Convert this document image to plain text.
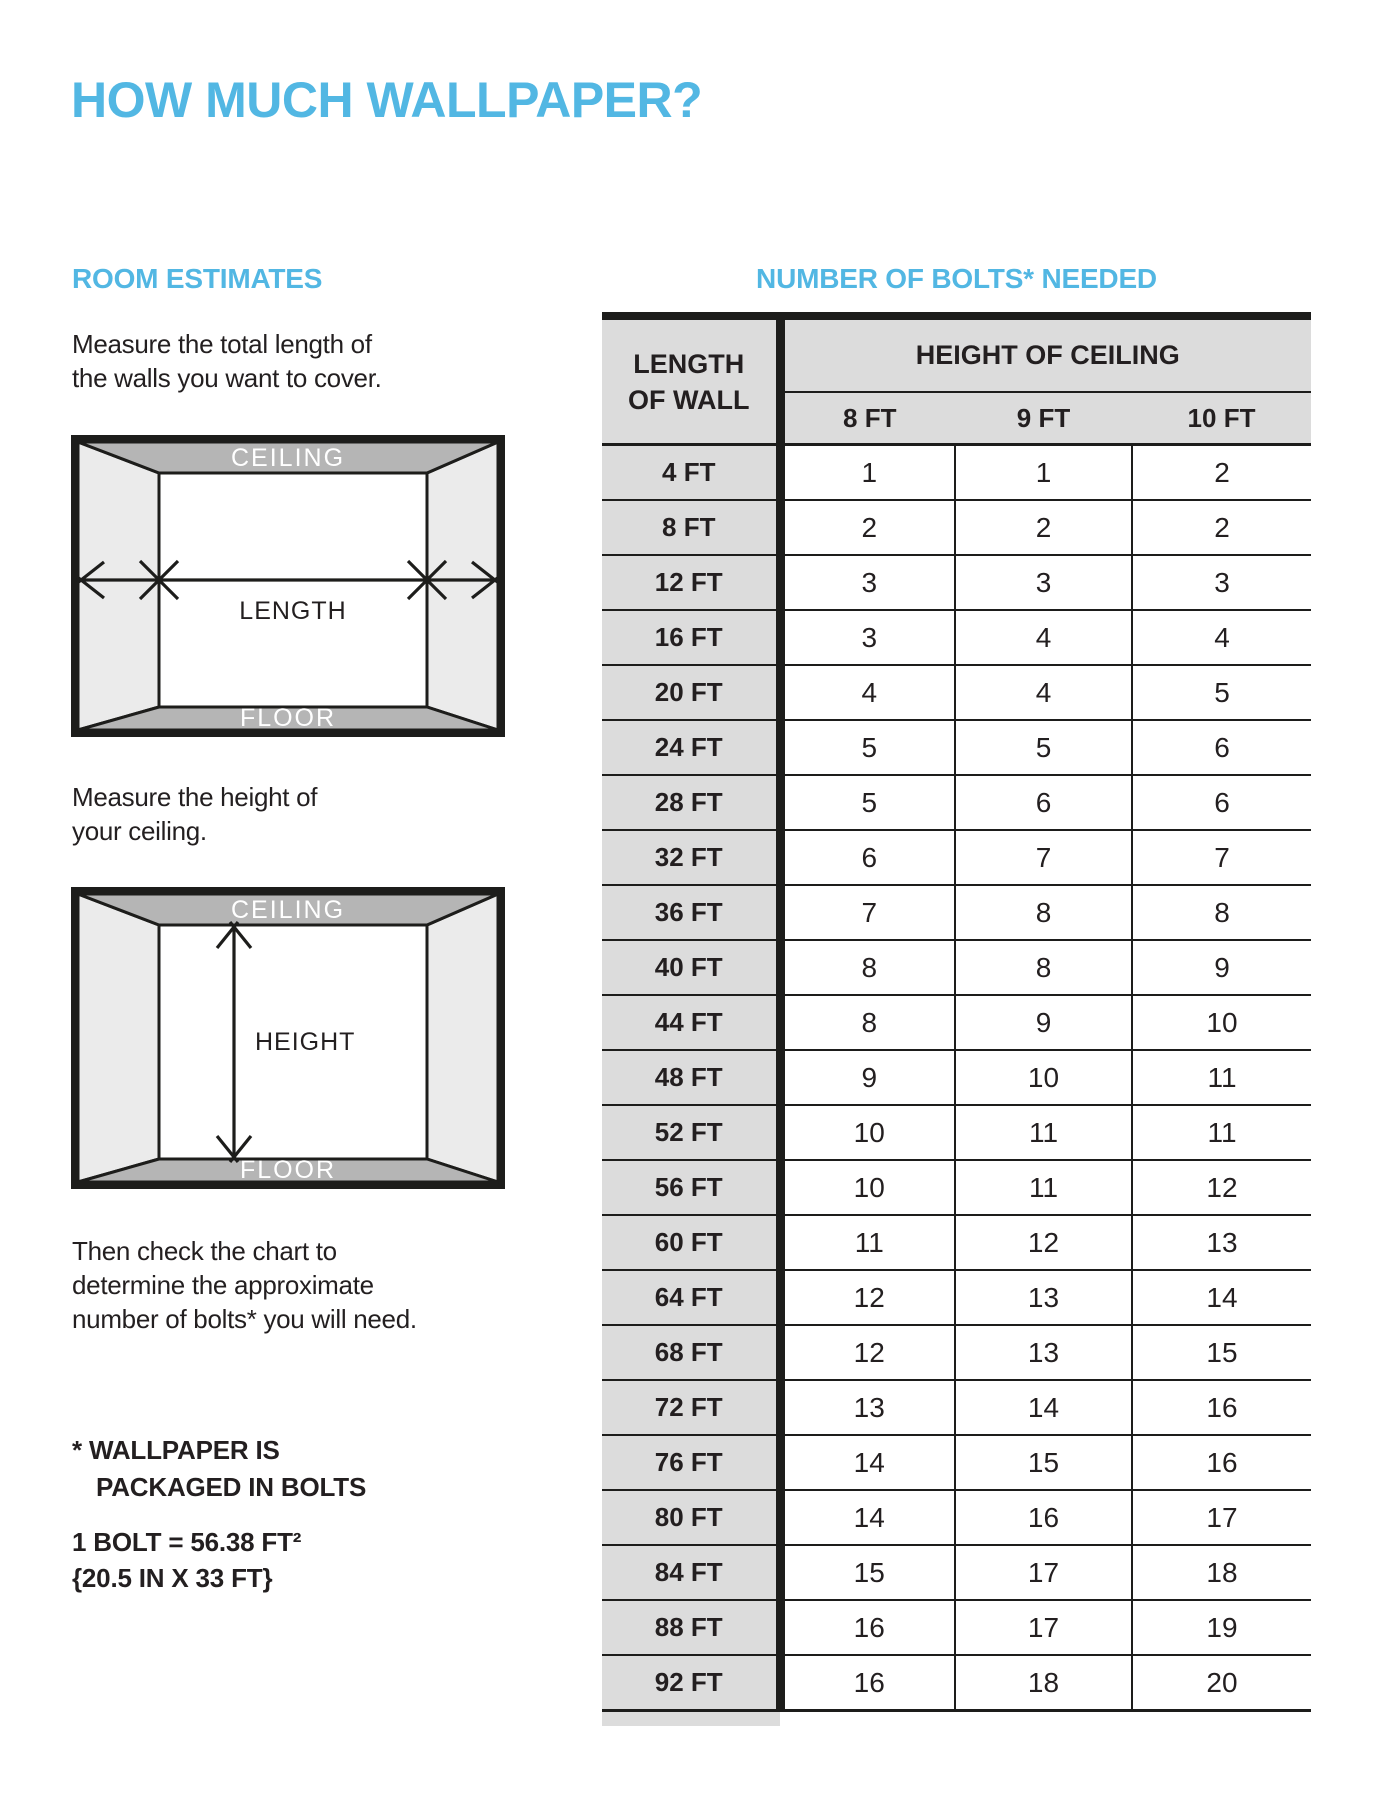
HOW MUCH WALLPAPER?
ROOM ESTIMATES
Measure the total length of
the walls you want to cover.
CEILING
FLOOR
LENGTH
Measure the height of
your ceiling.
CEILING
FLOOR
HEIGHT
Then check the chart to
determine the approximate
number of bolts* you will need.
* WALLPAPER IS
PACKAGED IN BOLTS
1 BOLT = 56.38 FT²
{20.5 IN X 33 FT}
NUMBER OF BOLTS* NEEDED
LENGTH OF WALL	HEIGHT OF CEILING		
	8 FT	9 FT	10 FT
4 FT	1	1	2
8 FT	2	2	2
12 FT	3	3	3
16 FT	3	4	4
20 FT	4	4	5
24 FT	5	5	6
28 FT	5	6	6
32 FT	6	7	7
36 FT	7	8	8
40 FT	8	8	9
44 FT	8	9	10
48 FT	9	10	11
52 FT	10	11	11
56 FT	10	11	12
60 FT	11	12	13
64 FT	12	13	14
68 FT	12	13	15
72 FT	13	14	16
76 FT	14	15	16
80 FT	14	16	17
84 FT	15	17	18
88 FT	16	17	19
92 FT	16	18	20
